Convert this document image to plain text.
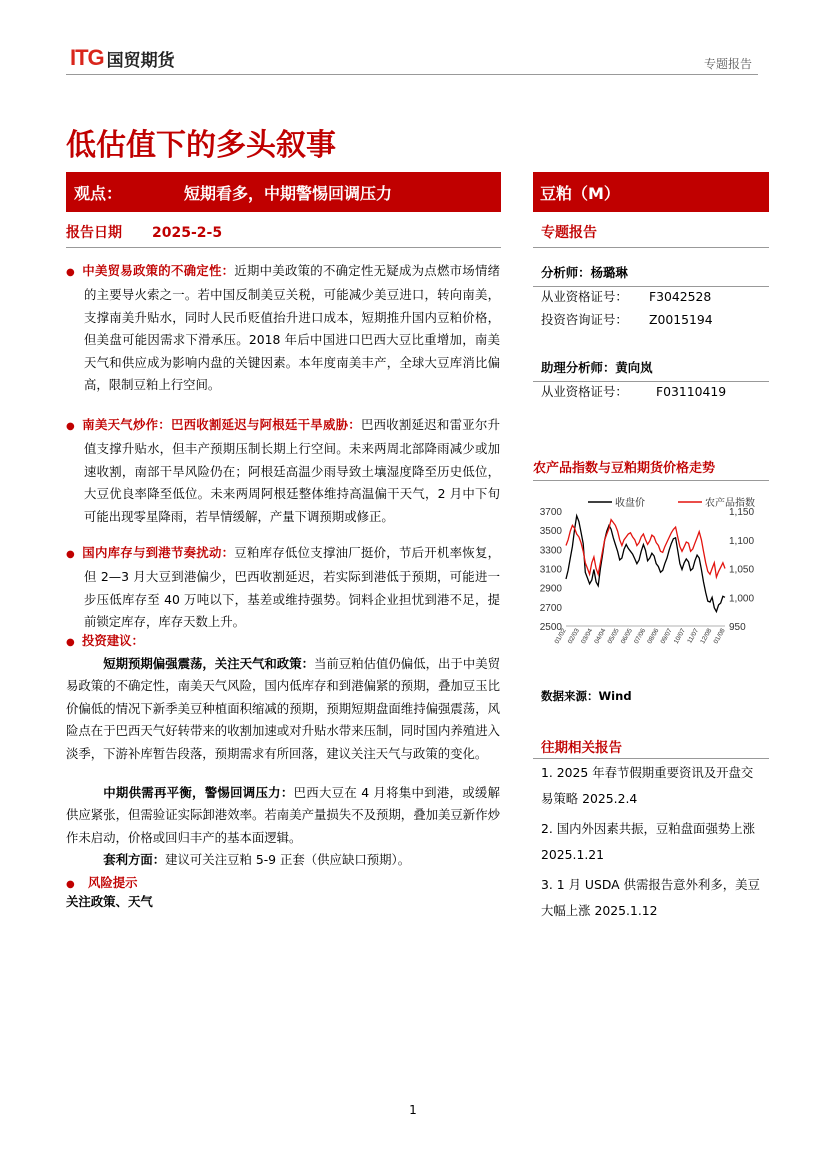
ITG 国贸期货	专题报告
低估值下的多头叙事
观点：	短期看多，中期警惕回调压力	豆粕（M）
报告日期 2025-2-5	专题报告
分析师：杨璐琳
从业资格证号： F3042528
投资咨询证号： Z0015194
助理分析师：黄向岚
从业资格证号： F03110419
农产品指数与豆粕期货价格走势
2500
2700
2900
3100
3300
3500
3700
950
1,000
1,050
1,100
1,150
01/02 02/03 03/04 04/04 05/05 06/05 07/06 08/06 09/07 10/07 11/07 12/08 01/08
收盘价	农产品指数
数据来源：Wind
往期相关报告
1. 2025 年春节假期重要资讯及开盘交易策略 2025.2.4
2. 国内外因素共振，豆粕盘面强势上涨 2025.1.21
3. 1 月 USDA 供需报告意外利多，美豆大幅上涨 2025.1.12
● 中美贸易政策的不确定性：近期中美政策的不确定性无疑成为点燃市场情绪的主要导火索之一。若中国反制美豆关税，可能减少美豆进口，转向南美，支撑南美升贴水，同时人民币贬值抬升进口成本，短期推升国内豆粕价格，但美盘可能因需求下滑承压。2018 年后中国进口巴西大豆比重增加，南美天气和供应成为影响内盘的关键因素。本年度南美丰产，全球大豆库消比偏高，限制豆粕上行空间。
● 南美天气炒作：巴西收割延迟与阿根廷干旱威胁：巴西收割延迟和雷亚尔升值支撑升贴水，但丰产预期压制长期上行空间。未来两周北部降雨减少或加速收割，南部干旱风险仍在；阿根廷高温少雨导致土壤湿度降至历史低位，大豆优良率降至低位。未来两周阿根廷整体维持高温偏干天气，2 月中下旬可能出现零星降雨，若旱情缓解，产量下调预期或修正。
● 国内库存与到港节奏扰动：豆粕库存低位支撑油厂挺价，节后开机率恢复，但 2—3 月大豆到港偏少，巴西收割延迟，若实际到港低于预期，可能进一步压低库存至 40 万吨以下，基差或维持强势。饲料企业担忧到港不足，提前锁定库存，库存天数上升。
● 投资建议：
短期预期偏强震荡，关注天气和政策：当前豆粕估值仍偏低，出于中美贸易政策的不确定性，南美天气风险，国内低库存和到港偏紧的预期，叠加豆玉比价偏低的情况下新季美豆种植面积缩减的预期，预期短期盘面维持偏强震荡，风险点在于巴西天气好转带来的收割加速或对升贴水带来压制，同时国内养殖进入淡季，下游补库暂告段落，预期需求有所回落，建议关注天气与政策的变化。
中期供需再平衡，警惕回调压力：巴西大豆在 4 月将集中到港，或缓解供应紧张，但需验证实际卸港效率。若南美产量损失不及预期，叠加美豆新作炒作未启动，价格或回归丰产的基本面逻辑。
套利方面：建议可关注豆粕 5-9 正套（供应缺口预期）。
● 风险提示
关注政策、天气
1
